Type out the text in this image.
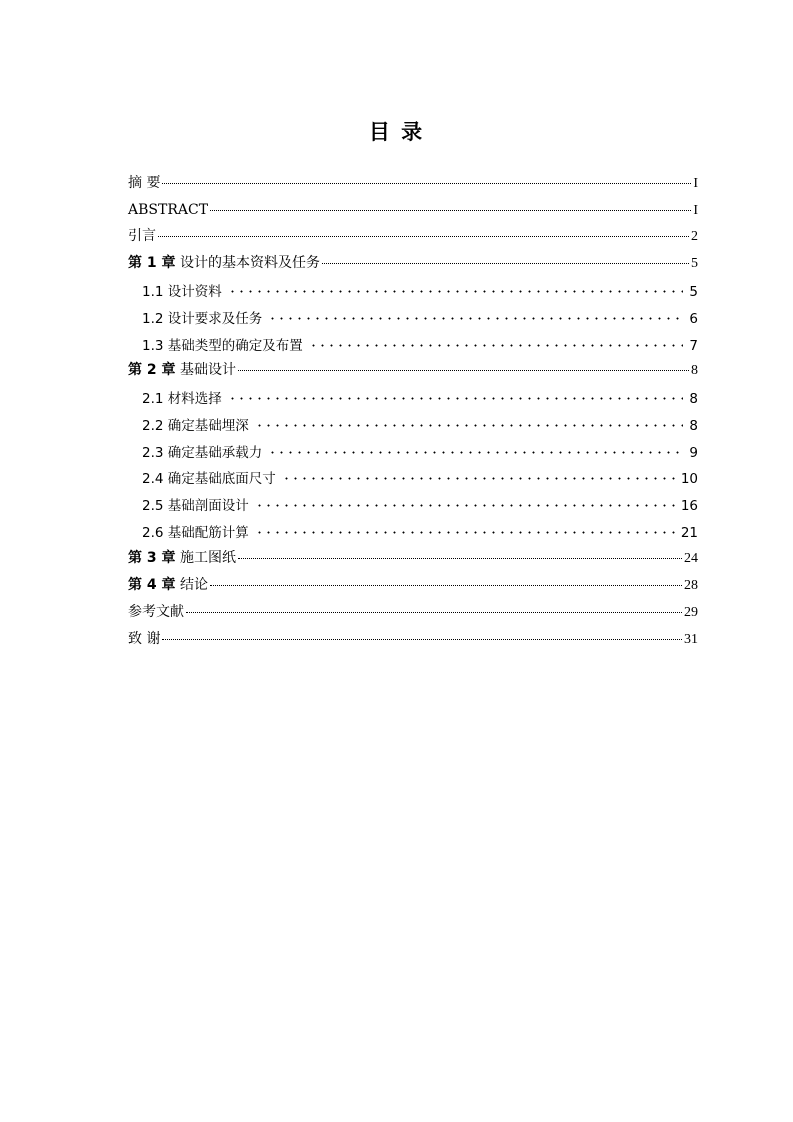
目 录
摘 要	I
ABSTRACT	I
引言	2
第 1 章 设计的基本资料及任务	5
1.1 设计资料	5
1.2 设计要求及任务	6
1.3 基础类型的确定及布置	7
第 2 章 基础设计	8
2.1 材料选择	8
2.2 确定基础埋深	8
2.3 确定基础承载力	9
2.4 确定基础底面尺寸	10
2.5 基础剖面设计	16
2.6 基础配筋计算	21
第 3 章 施工图纸	24
第 4 章 结论	28
参考文献	29
致 谢	31
